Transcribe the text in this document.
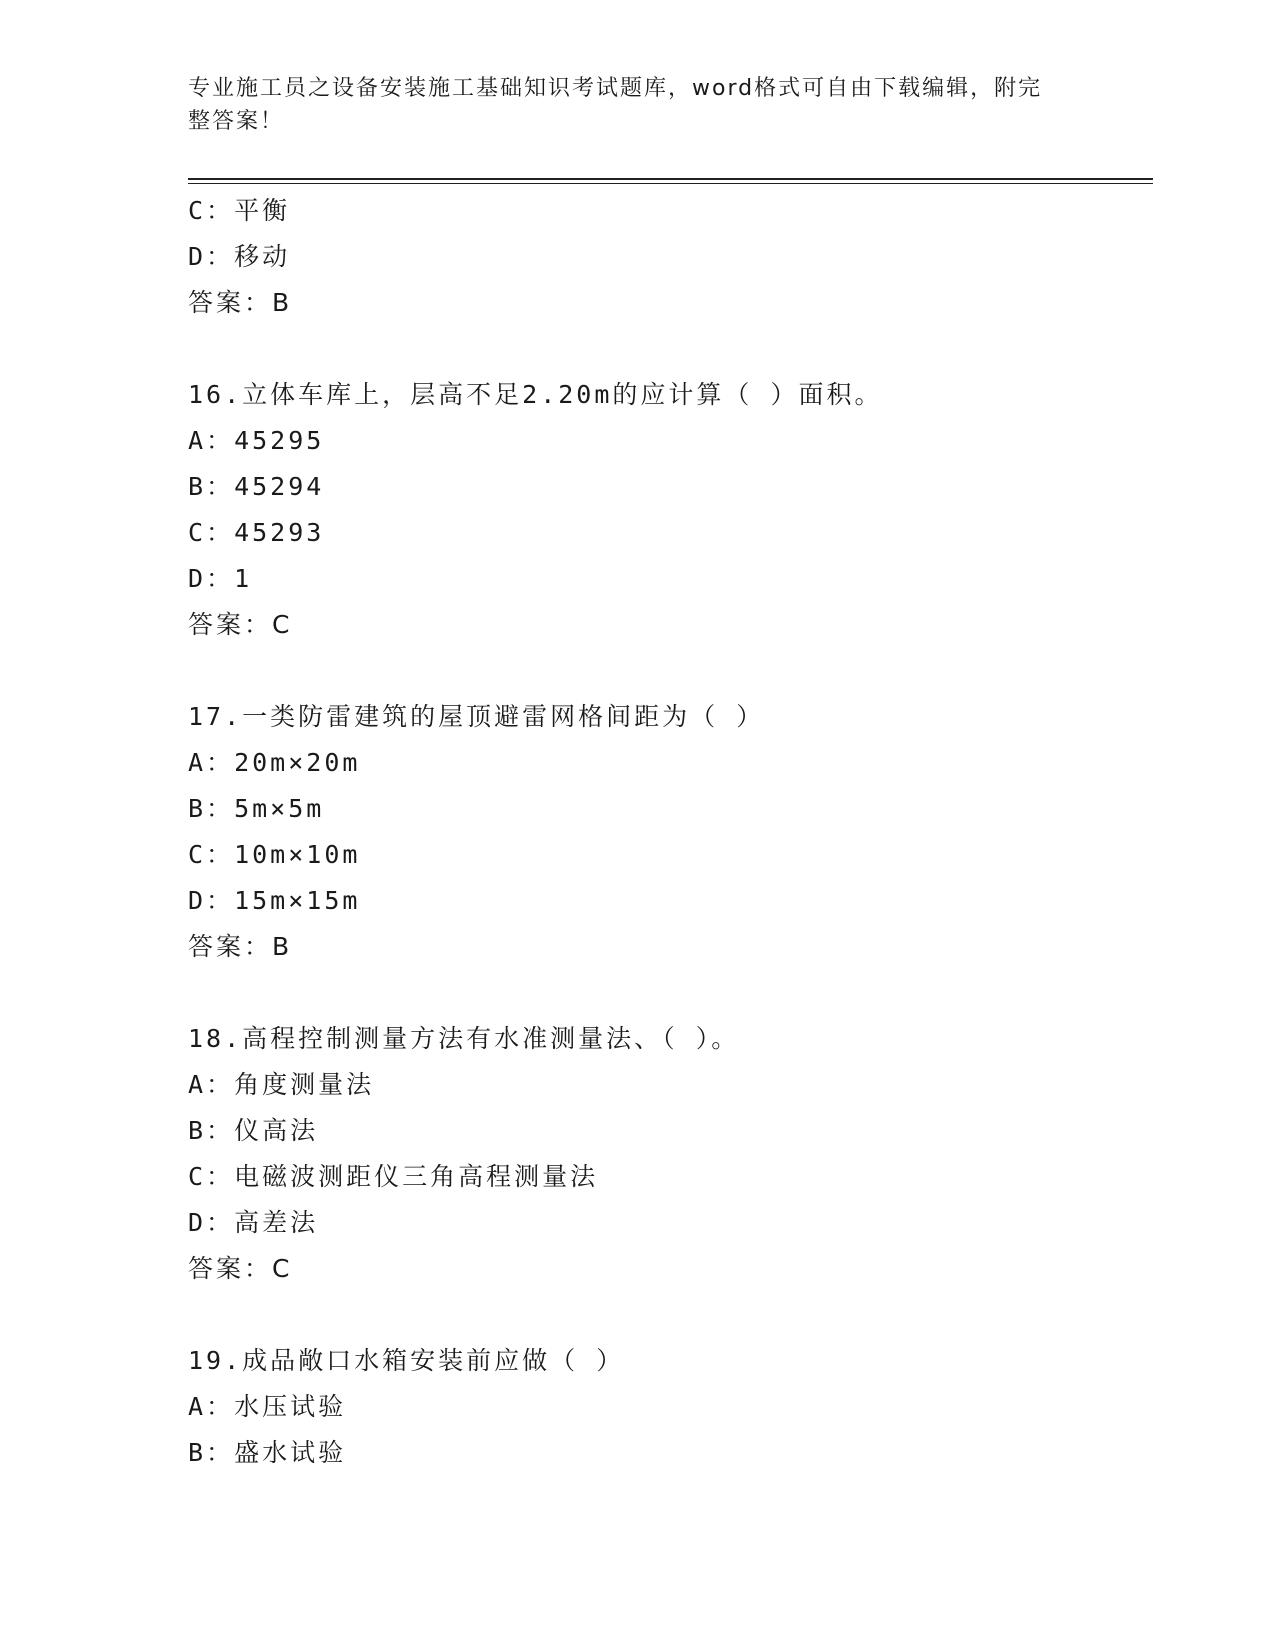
专业施工员之设备安装施工基础知识考试题库，word格式可自由下载编辑，附完
整答案！
C：平衡
D：移动
答案：B
16.立体车库上，层高不足2.20m的应计算（ ）面积。
A：45295
B：45294
C：45293
D：1
答案：C
17.一类防雷建筑的屋顶避雷网格间距为（ ）
A：20m×20m
B：5m×5m
C：10m×10m
D：15m×15m
答案：B
18.高程控制测量方法有水准测量法、（ ）。
A：角度测量法
B：仪高法
C：电磁波测距仪三角高程测量法
D：高差法
答案：C
19.成品敞口水箱安装前应做（ ）
A：水压试验
B：盛水试验
